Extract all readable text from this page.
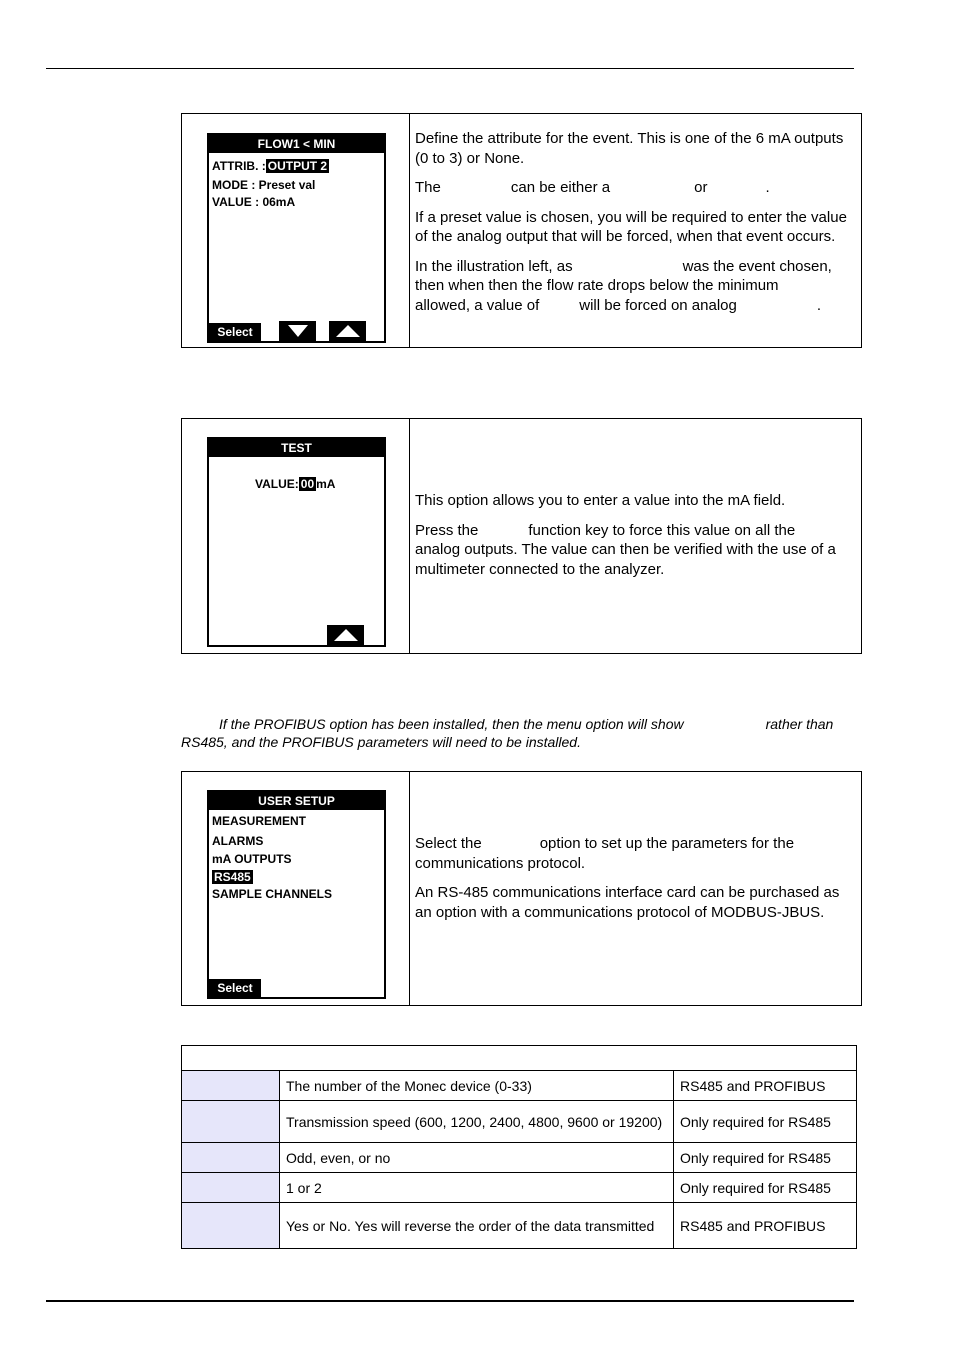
FLOW1 < MIN
ATTRIB. : OUTPUT 2
MODE : Preset val
VALUE : 06mA
Select

Define the attribute for the event. This is one of the 6 mA outputs (0 to 3) or None.

The	can be either a	or	.

If a preset value is chosen, you will be required to enter the value of the analog output that will be forced, when that event occurs.

In the illustration left, as	was the event chosen,
then when then the flow rate drops below the minimum
allowed, a value of	will be forced on analog	.

TEST
VALUE: 00 mA

This option allows you to enter a value into the mA field.

Press the	function key to force this value on all the
analog outputs. The value can then be verified with the use of a multimeter connected to the analyzer.

If the PROFIBUS option has been installed, then the menu option will show	rather than
RS485, and the PROFIBUS parameters will need to be installed.
USER SETUP
MEASUREMENT
ALARMS
mA OUTPUTS
RS485
SAMPLE CHANNELS
Select

Select the	option to set up the parameters for the
communications protocol.

An RS-485 communications interface card can be purchased as an option with a communications protocol of MODBUS-JBUS.

	The number of the Monec device (0-33)	RS485 and PROFIBUS
	Transmission speed (600, 1200, 2400, 4800, 9600 or 19200)	Only required for RS485
	Odd, even, or no	Only required for RS485
	1 or 2	Only required for RS485
	Yes or No. Yes will reverse the order of the data transmitted	RS485 and PROFIBUS
